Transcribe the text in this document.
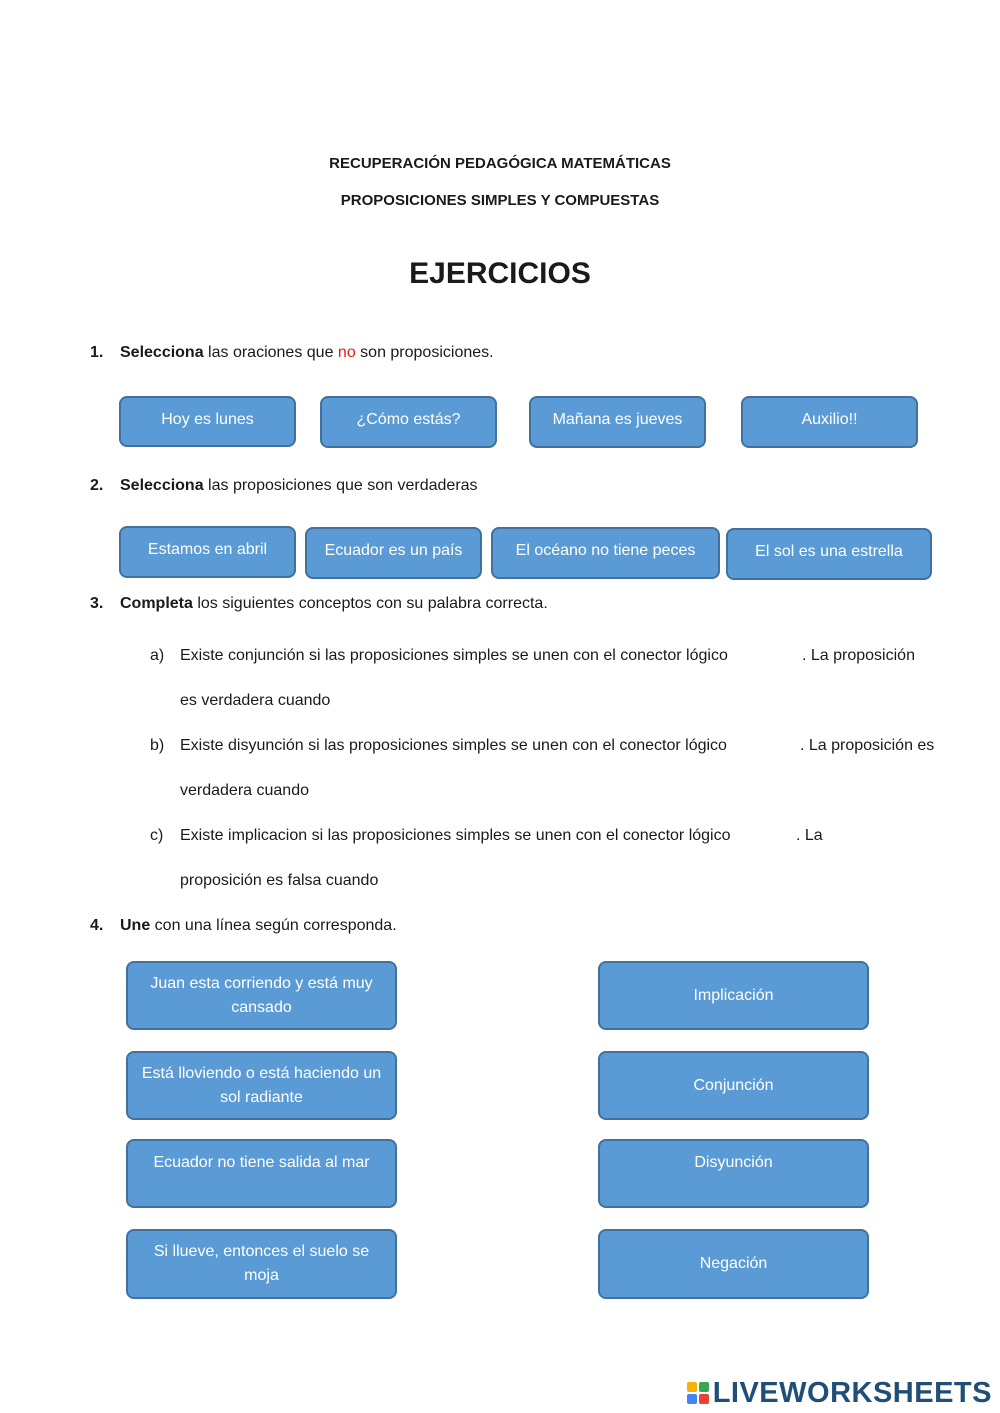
RECUPERACIÓN PEDAGÓGICA MATEMÁTICAS
PROPOSICIONES SIMPLES Y COMPUESTAS
EJERCICIOS
1. Selecciona las oraciones que no son proposiciones.
Hoy es lunes	¿Cómo estás?	Mañana es jueves	Auxilio!!
2. Selecciona las proposiciones que son verdaderas
Estamos en abril	Ecuador es un país	El océano no tiene peces	El sol es una estrella
3. Completa los siguientes conceptos con su palabra correcta.
a) Existe conjunción si las proposiciones simples se unen con el conector lógico	. La proposición
es verdadera cuando
b) Existe disyunción si las proposiciones simples se unen con el conector lógico	. La proposición es
verdadera cuando
c) Existe implicacion si las proposiciones simples se unen con el conector lógico	. La
proposición es falsa cuando
4. Une con una línea según corresponda.
Juan esta corriendo y está muy cansado
Está lloviendo o está haciendo un sol radiante
Ecuador no tiene salida al mar
Si llueve, entonces el suelo se moja
Implicación
Conjunción
Disyunción
Negación
LIVEWORKSHEETS
